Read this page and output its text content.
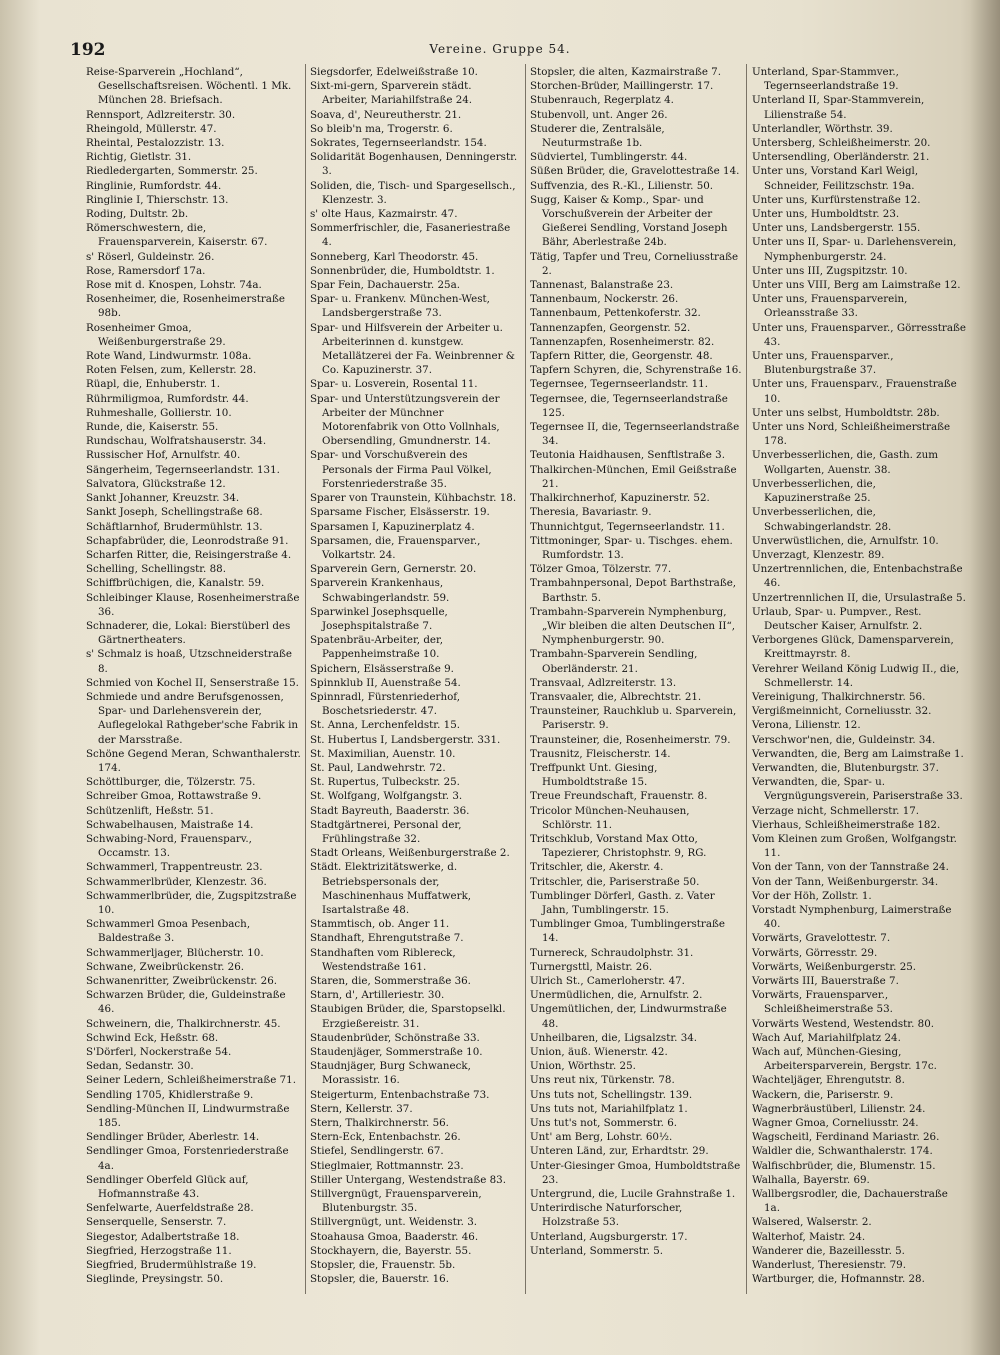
192	Vereine. Gruppe 54.
Reise-Sparverein „Hochland“, Gesellschaftsreisen. Wöchentl. 1 Mk. München 28. Briefsach.
Rennsport, Adlzreiterstr. 30.
Rheingold, Müllerstr. 47.
Rheintal, Pestalozzistr. 13.
Richtig, Gietlstr. 31.
Riedledergarten, Sommerstr. 25.
Ringlinie, Rumfordstr. 44.
Ringlinie I, Thierschstr. 13.
Roding, Dultstr. 2b.
Römerschwestern, die, Frauensparverein, Kaiserstr. 67.
s' Röserl, Guldeinstr. 26.
Rose, Ramersdorf 17a.
Rose mit d. Knospen, Lohstr. 74a.
Rosenheimer, die, Rosenheimerstraße 98b.
Rosenheimer Gmoa, Weißenburgerstraße 29.
Rote Wand, Lindwurmstr. 108a.
Roten Felsen, zum, Kellerstr. 28.
Rüapl, die, Enhuberstr. 1.
Rührmiligmoa, Rumfordstr. 44.
Ruhmeshalle, Gollierstr. 10.
Runde, die, Kaiserstr. 55.
Rundschau, Wolfratshauserstr. 34.
Russischer Hof, Arnulfstr. 40.
Sängerheim, Tegernseerlandstr. 131.
Salvatora, Glückstraße 12.
Sankt Johanner, Kreuzstr. 34.
Sankt Joseph, Schellingstraße 68.
Schäftlarnhof, Brudermühlstr. 13.
Schapfabrüder, die, Leonrodstraße 91.
Scharfen Ritter, die, Reisingerstraße 4.
Schelling, Schellingstr. 88.
Schiffbrüchigen, die, Kanalstr. 59.
Schleibinger Klause, Rosenheimerstraße 36.
Schnaderer, die, Lokal: Bierstüberl des Gärtnertheaters.
s' Schmalz is hoaß, Utzschneiderstraße 8.
Schmied von Kochel II, Senserstraße 15.
Schmiede und andre Berufsgenossen, Spar- und Darlehensverein der, Auflegelokal Rathgeber'sche Fabrik in der Marsstraße.
Schöne Gegend Meran, Schwanthalerstr. 174.
Schöttlburger, die, Tölzerstr. 75.
Schreiber Gmoa, Rottawstraße 9.
Schützenlift, Heßstr. 51.
Schwabelhausen, Maistraße 14.
Schwabing-Nord, Frauensparv., Occamstr. 13.
Schwammerl, Trappentreustr. 23.
Schwammerlbrüder, Klenzestr. 36.
Schwammerlbrüder, die, Zugspitzstraße 10.
Schwammerl Gmoa Pesenbach, Baldestraße 3.
Schwammerljager, Blücherstr. 10.
Schwane, Zweibrückenstr. 26.
Schwanenritter, Zweibrückenstr. 26.
Schwarzen Brüder, die, Guldeinstraße 46.
Schweinern, die, Thalkirchnerstr. 45.
Schwind Eck, Heßstr. 68.
S'Dörferl, Nockerstraße 54.
Sedan, Sedanstr. 30.
Seiner Ledern, Schleißheimerstraße 71.
Sendling 1705, Khidlerstraße 9.
Sendling-München II, Lindwurmstraße 185.
Sendlinger Brüder, Aberlestr. 14.
Sendlinger Gmoa, Forstenriederstraße 4a.
Sendlinger Oberfeld Glück auf, Hofmannstraße 43.
Senfelwarte, Auerfeldstraße 28.
Senserquelle, Senserstr. 7.
Siegestor, Adalbertstraße 18.
Siegfried, Herzogstraße 11.
Siegfried, Brudermühlstraße 19.
Sieglinde, Preysingstr. 50.
Siegsdorfer, Edelweißstraße 10.
Sixt-mi-gern, Sparverein städt. Arbeiter, Mariahilfstraße 24.
Soava, d', Neureutherstr. 21.
So bleib'n ma, Trogerstr. 6.
Sokrates, Tegernseerlandstr. 154.
Solidarität Bogenhausen, Denningerstr. 3.
Soliden, die, Tisch- und Spargesellsch., Klenzestr. 3.
s' olte Haus, Kazmairstr. 47.
Sommerfrischler, die, Fasaneriestraße 4.
Sonneberg, Karl Theodorstr. 45.
Sonnenbrüder, die, Humboldtstr. 1.
Spar Fein, Dachauerstr. 25a.
Spar- u. Frankenv. München-West, Landsbergerstraße 73.
Spar- und Hilfsverein der Arbeiter u. Arbeiterinnen d. kunstgew. Metallätzerei der Fa. Weinbrenner & Co. Kapuzinerstr. 37.
Spar- u. Losverein, Rosental 11.
Spar- und Unterstützungsverein der Arbeiter der Münchner Motorenfabrik von Otto Vollnhals, Obersendling, Gmundnerstr. 14.
Spar- und Vorschußverein des Personals der Firma Paul Völkel, Forstenriederstraße 35.
Sparer von Traunstein, Kühbachstr. 18.
Sparsame Fischer, Elsässerstr. 19.
Sparsamen I, Kapuzinerplatz 4.
Sparsamen, die, Frauensparver., Volkartstr. 24.
Sparverein Gern, Gernerstr. 20.
Sparverein Krankenhaus, Schwabingerlandstr. 59.
Sparwinkel Josephsquelle, Josephspitalstraße 7.
Spatenbräu-Arbeiter, der, Pappenheimstraße 10.
Spichern, Elsässerstraße 9.
Spinnklub II, Auenstraße 54.
Spinnradl, Fürstenriederhof, Boschetsriederstr. 47.
St. Anna, Lerchenfeldstr. 15.
St. Hubertus I, Landsbergerstr. 331.
St. Maximilian, Auenstr. 10.
St. Paul, Landwehrstr. 72.
St. Rupertus, Tulbeckstr. 25.
St. Wolfgang, Wolfgangstr. 3.
Stadt Bayreuth, Baaderstr. 36.
Stadtgärtnerei, Personal der, Frühlingstraße 32.
Stadt Orleans, Weißenburgerstraße 2.
Städt. Elektrizitätswerke, d. Betriebspersonals der, Maschinenhaus Muffatwerk, Isartalstraße 48.
Stammtisch, ob. Anger 11.
Standhaft, Ehrengutstraße 7.
Standhaften vom Riblereck, Westendstraße 161.
Staren, die, Sommerstraße 36.
Starn, d', Artilleriestr. 30.
Staubigen Brüder, die, Sparstopselkl. Erzgießereistr. 31.
Staudenbrüder, Schönstraße 33.
Staudenjäger, Sommerstraße 10.
Staudnjäger, Burg Schwaneck, Morassistr. 16.
Steigerturm, Entenbachstraße 73.
Stern, Kellerstr. 37.
Stern, Thalkirchnerstr. 56.
Stern-Eck, Entenbachstr. 26.
Stiefel, Sendlingerstr. 67.
Stieglmaier, Rottmannstr. 23.
Stiller Untergang, Westendstraße 83.
Stillvergnügt, Frauensparverein, Blutenburgstr. 35.
Stillvergnügt, unt. Weidenstr. 3.
Stoahausa Gmoa, Baaderstr. 46.
Stockhayern, die, Bayerstr. 55.
Stopsler, die, Frauenstr. 5b.
Stopsler, die, Bauerstr. 16.
Stopsler, die alten, Kazmairstraße 7.
Storchen-Brüder, Maillingerstr. 17.
Stubenrauch, Regerplatz 4.
Stubenvoll, unt. Anger 26.
Studerer die, Zentralsäle, Neuturmstraße 1b.
Südviertel, Tumblingerstr. 44.
Süßen Brüder, die, Gravelottestraße 14.
Suffvenzia, des R.-Kl., Lilienstr. 50.
Sugg, Kaiser & Komp., Spar- und Vorschußverein der Arbeiter der Gießerei Sendling, Vorstand Joseph Bähr, Aberlestraße 24b.
Tätig, Tapfer und Treu, Corneliusstraße 2.
Tannenast, Balanstraße 23.
Tannenbaum, Nockerstr. 26.
Tannenbaum, Pettenkoferstr. 32.
Tannenzapfen, Georgenstr. 52.
Tannenzapfen, Rosenheimerstr. 82.
Tapfern Ritter, die, Georgenstr. 48.
Tapfern Schyren, die, Schyrenstraße 16.
Tegernsee, Tegernseerlandstr. 11.
Tegernsee, die, Tegernseerlandstraße 125.
Tegernsee II, die, Tegernseerlandstraße 34.
Teutonia Haidhausen, Senftlstraße 3.
Thalkirchen-München, Emil Geißstraße 21.
Thalkirchnerhof, Kapuzinerstr. 52.
Theresia, Bavariastr. 9.
Thunnichtgut, Tegernseerlandstr. 11.
Tittmoninger, Spar- u. Tischges. ehem. Rumfordstr. 13.
Tölzer Gmoa, Tölzerstr. 77.
Trambahnpersonal, Depot Barthstraße, Barthstr. 5.
Trambahn-Sparverein Nymphenburg, „Wir bleiben die alten Deutschen II“, Nymphenburgerstr. 90.
Trambahn-Sparverein Sendling, Oberländerstr. 21.
Transvaal, Adlzreiterstr. 13.
Transvaaler, die, Albrechtstr. 21.
Traunsteiner, Rauchklub u. Sparverein, Pariserstr. 9.
Traunsteiner, die, Rosenheimerstr. 79.
Trausnitz, Fleischerstr. 14.
Treffpunkt Unt. Giesing, Humboldtstraße 15.
Treue Freundschaft, Frauenstr. 8.
Tricolor München-Neuhausen, Schlörstr. 11.
Tritschklub, Vorstand Max Otto, Tapezierer, Christophstr. 9, RG.
Tritschler, die, Akerstr. 4.
Tritschler, die, Pariserstraße 50.
Tumblinger Dörferl, Gasth. z. Vater Jahn, Tumblingerstr. 15.
Tumblinger Gmoa, Tumblingerstraße 14.
Turnereck, Schraudolphstr. 31.
Turnergsttl, Maistr. 26.
Ulrich St., Camerloherstr. 47.
Unermüdlichen, die, Arnulfstr. 2.
Ungemütlichen, der, Lindwurmstraße 48.
Unheilbaren, die, Ligsalzstr. 34.
Union, äuß. Wienerstr. 42.
Union, Wörthstr. 25.
Uns reut nix, Türkenstr. 78.
Uns tuts not, Schellingstr. 139.
Uns tuts not, Mariahilfplatz 1.
Uns tut's not, Sommerstr. 6.
Unt' am Berg, Lohstr. 60½.
Unteren Länd, zur, Erhardtstr. 29.
Unter-Giesinger Gmoa, Humboldtstraße 23.
Untergrund, die, Lucile Grahnstraße 1.
Unterirdische Naturforscher, Holzstraße 53.
Unterland, Augsburgerstr. 17.
Unterland, Sommerstr. 5.
Unterland, Spar-Stammver., Tegernseerlandstraße 19.
Unterland II, Spar-Stammverein, Lilienstraße 54.
Unterlandler, Wörthstr. 39.
Untersberg, Schleißheimerstr. 20.
Untersendling, Oberländerstr. 21.
Unter uns, Vorstand Karl Weigl, Schneider, Feilitzschstr. 19a.
Unter uns, Kurfürstenstraße 12.
Unter uns, Humboldtstr. 23.
Unter uns, Landsbergerstr. 155.
Unter uns II, Spar- u. Darlehensverein, Nymphenburgerstr. 24.
Unter uns III, Zugspitzstr. 10.
Unter uns VIII, Berg am Laimstraße 12.
Unter uns, Frauensparverein, Orleansstraße 33.
Unter uns, Frauensparver., Görresstraße 43.
Unter uns, Frauensparver., Blutenburgstraße 37.
Unter uns, Frauensparv., Frauenstraße 10.
Unter uns selbst, Humboldtstr. 28b.
Unter uns Nord, Schleißheimerstraße 178.
Unverbesserlichen, die, Gasth. zum Wollgarten, Auenstr. 38.
Unverbesserlichen, die, Kapuzinerstraße 25.
Unverbesserlichen, die, Schwabingerlandstr. 28.
Unverwüstlichen, die, Arnulfstr. 10.
Unverzagt, Klenzestr. 89.
Unzertrennlichen, die, Entenbachstraße 46.
Unzertrennlichen II, die, Ursulastraße 5.
Urlaub, Spar- u. Pumpver., Rest. Deutscher Kaiser, Arnulfstr. 2.
Verborgenes Glück, Damensparverein, Kreittmayrstr. 8.
Verehrer Weiland König Ludwig II., die, Schmellerstr. 14.
Vereinigung, Thalkirchnerstr. 56.
Vergißmeinnicht, Corneliusstr. 32.
Verona, Lilienstr. 12.
Verschwor'nen, die, Guldeinstr. 34.
Verwandten, die, Berg am Laimstraße 1.
Verwandten, die, Blutenburgstr. 37.
Verwandten, die, Spar- u. Vergnügungsverein, Pariserstraße 33.
Verzage nicht, Schmellerstr. 17.
Vierhaus, Schleißheimerstraße 182.
Vom Kleinen zum Großen, Wolfgangstr. 11.
Von der Tann, von der Tannstraße 24.
Von der Tann, Weißenburgerstr. 34.
Vor der Höh, Zollstr. 1.
Vorstadt Nymphenburg, Laimerstraße 40.
Vorwärts, Gravelottestr. 7.
Vorwärts, Görresstr. 29.
Vorwärts, Weißenburgerstr. 25.
Vorwärts III, Bauerstraße 7.
Vorwärts, Frauensparver., Schleißheimerstraße 53.
Vorwärts Westend, Westendstr. 80.
Wach Auf, Mariahilfplatz 24.
Wach auf, München-Giesing, Arbeitersparverein, Bergstr. 17c.
Wachteljäger, Ehrengutstr. 8.
Wackern, die, Pariserstr. 9.
Wagnerbräustüberl, Lilienstr. 24.
Wagner Gmoa, Corneliusstr. 24.
Wagscheitl, Ferdinand Mariastr. 26.
Waldler die, Schwanthalerstr. 174.
Walfischbrüder, die, Blumenstr. 15.
Walhalla, Bayerstr. 69.
Wallbergsrodler, die, Dachauerstraße 1a.
Walsered, Walserstr. 2.
Walterhof, Maistr. 24.
Wanderer die, Bazeillesstr. 5.
Wanderlust, Theresienstr. 79.
Wartburger, die, Hofmannstr. 28.
